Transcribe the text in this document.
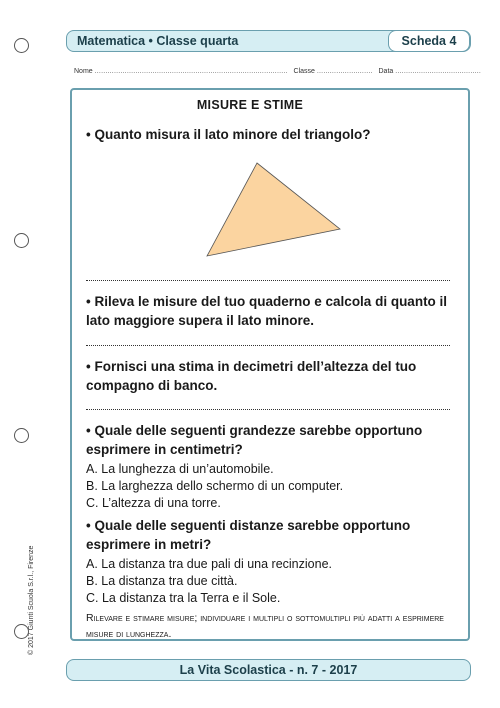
Matematica • Classe quarta	Scheda 4
Nome .......................................................................................... Classe .......................... Data ........................................
MISURE E STIME
• Quanto misura il lato minore del triangolo?
• Rileva le misure del tuo quaderno e calcola di quanto il lato maggiore supera il lato minore.
• Fornisci una stima in decimetri dell’altezza del tuo compagno di banco.
• Quale delle seguenti grandezze sarebbe opportuno esprimere in centimetri?
A. La lunghezza di un’automobile.
B. La larghezza dello schermo di un computer.
C. L’altezza di una torre.
• Quale delle seguenti distanze sarebbe opportuno esprimere in metri?
A. La distanza tra due pali di una recinzione.
B. La distanza tra due città.
C. La distanza tra la Terra e il Sole.
Rilevare e stimare misure; individuare i multipli o sottomultipli più adatti a esprimere misure di lunghezza.
La Vita Scolastica - n. 7 - 2017
© 2017 Giunti Scuola S.r.l., Firenze
